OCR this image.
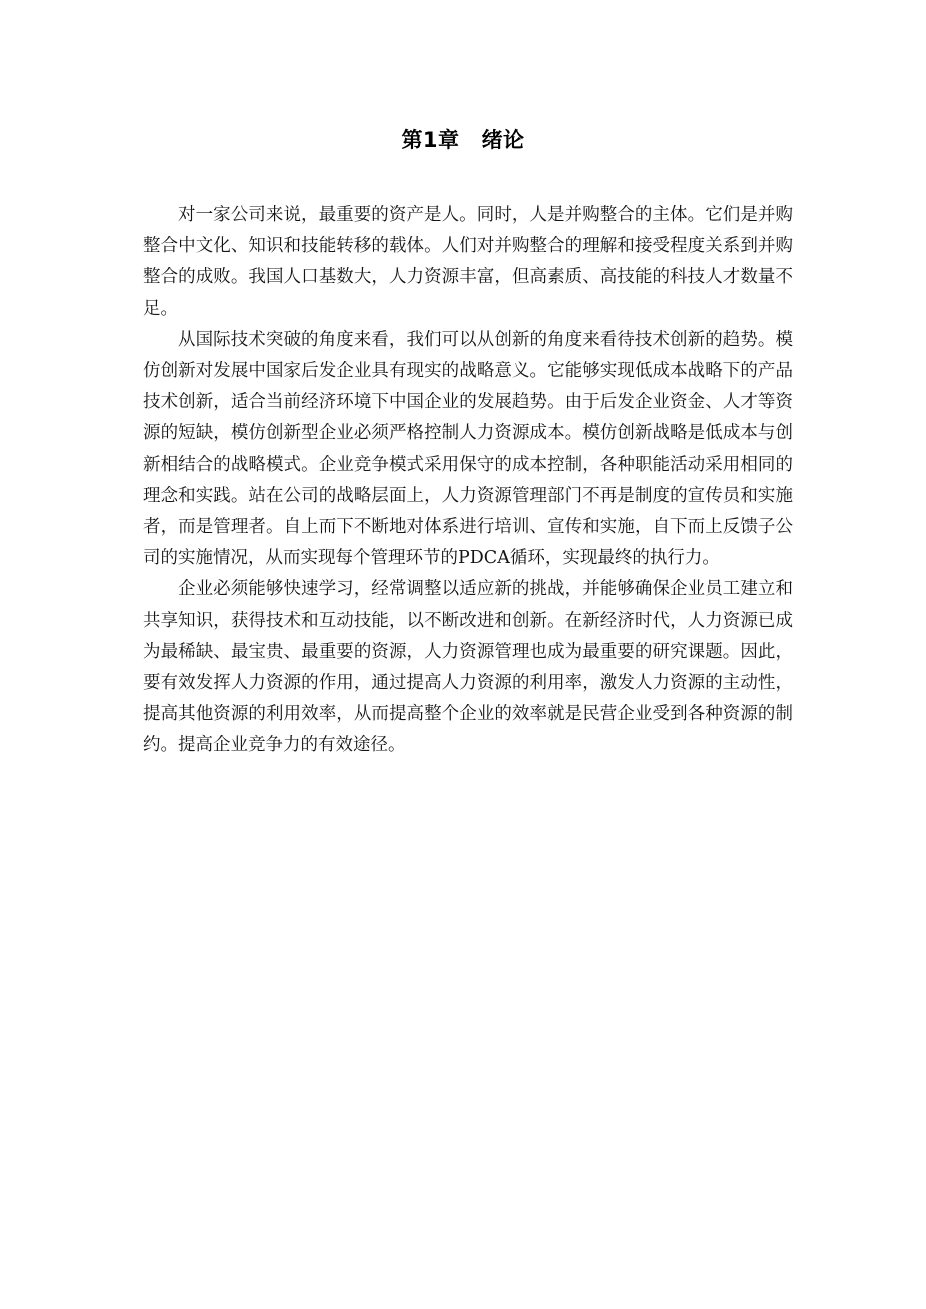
第1章 绪论

对一家公司来说，最重要的资产是人。同时，人是并购整合的主体。它们是并购整合中文化、知识和技能转移的载体。人们对并购整合的理解和接受程度关系到并购整合的成败。我国人口基数大，人力资源丰富，但高素质、高技能的科技人才数量不足。

从国际技术突破的角度来看，我们可以从创新的角度来看待技术创新的趋势。模仿创新对发展中国家后发企业具有现实的战略意义。它能够实现低成本战略下的产品技术创新，适合当前经济环境下中国企业的发展趋势。由于后发企业资金、人才等资源的短缺，模仿创新型企业必须严格控制人力资源成本。模仿创新战略是低成本与创新相结合的战略模式。企业竞争模式采用保守的成本控制，各种职能活动采用相同的理念和实践。站在公司的战略层面上，人力资源管理部门不再是制度的宣传员和实施者，而是管理者。自上而下不断地对体系进行培训、宣传和实施，自下而上反馈子公司的实施情况，从而实现每个管理环节的PDCA循环，实现最终的执行力。

企业必须能够快速学习，经常调整以适应新的挑战，并能够确保企业员工建立和共享知识，获得技术和互动技能，以不断改进和创新。在新经济时代，人力资源已成为最稀缺、最宝贵、最重要的资源，人力资源管理也成为最重要的研究课题。因此，要有效发挥人力资源的作用，通过提高人力资源的利用率，激发人力资源的主动性，提高其他资源的利用效率，从而提高整个企业的效率就是民营企业受到各种资源的制约。提高企业竞争力的有效途径。
